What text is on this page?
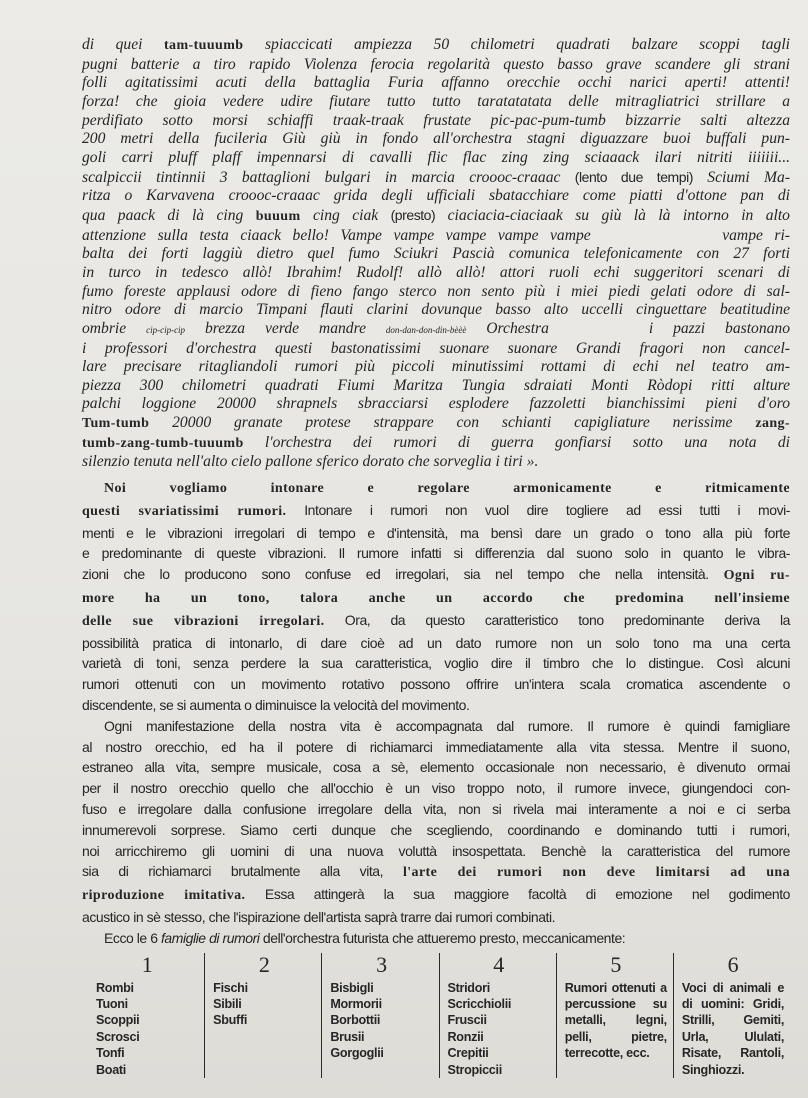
di quei tam-tuuumb spiaccicati ampiezza 50 chilometri quadrati balzare scoppi tagli
pugni batterie a tiro rapido Violenza ferocia regolarità questo basso grave scandere gli strani
folli agitatissimi acuti della battaglia Furia affanno orecchie occhi narici aperti! attenti!
forza! che gioia vedere udire fiutare tutto tutto taratatatata delle mitragliatrici strillare a
perdifiato sotto morsi schiaffi traak-traak frustate pic-pac-pum-tumb bizzarrie salti altezza
200 metri della fucileria Giù giù in fondo all'orchestra stagni diguazzare buoi buffali pun-
goli carri pluff plaff impennarsi di cavalli flic flac zing zing sciaaack ilari nitriti iiiiiii...
scalpiccii tintinnii 3 battaglioni bulgari in marcia croooc-craaac (lento due tempi) Sciumi Ma-
ritza o Karvavena croooc-craaac grida degli ufficiali sbatacchiare come piatti d'ottone pan di
qua paack di là cing buuum cing ciak (presto) ciaciacia-ciaciaak su giù là là intorno in alto
attenzione sulla testa ciaack bello! Vampe vampe vampe vampe vampe	vampe ri-
balta dei forti laggiù dietro quel fumo Sciukri Pascià comunica telefonicamente con 27 forti
in turco in tedesco allò! Ibrahim! Rudolf! allò allò! attori ruoli echi suggeritori scenari di
fumo foreste applausi odore di fieno fango sterco non sento più i miei piedi gelati odore di sal-
nitro odore di marcio Timpani flauti clarini dovunque basso alto uccelli cinguettare beatitudine
ombrie cip-cip-cip brezza verde mandre don-dan-don-din-bèèè Orchestra	i pazzi bastonano
i professori d'orchestra questi bastonatissimi suonare suonare Grandi fragori non cancel-
lare precisare ritagliandoli rumori più piccoli minutissimi rottami di echi nel teatro am-
piezza 300 chilometri quadrati Fiumi Maritza Tungia sdraiati Monti Ròdopi ritti alture
palchi loggione 20000 shrapnels sbracciarsi esplodere fazzoletti bianchissimi pieni d'oro
Tum-tumb 20000 granate protese strappare con schianti capigliature nerissime zang-
tumb-zang-tumb-tuuumb l'orchestra dei rumori di guerra gonfiarsi sotto una nota di
silenzio tenuta nell'alto cielo pallone sferico dorato che sorveglia i tiri ».
Noi vogliamo intonare e regolare armonicamente e ritmicamente
questi svariatissimi rumori. Intonare i rumori non vuol dire togliere ad essi tutti i movi-
menti e le vibrazioni irregolari di tempo e d'intensità, ma bensì dare un grado o tono alla più forte
e predominante di queste vibrazioni. Il rumore infatti si differenzia dal suono solo in quanto le vibra-
zioni che lo producono sono confuse ed irregolari, sia nel tempo che nella intensità. Ogni ru-
more ha un tono, talora anche un accordo che predomina nell'insieme
delle sue vibrazioni irregolari. Ora, da questo caratteristico tono predominante deriva la
possibilità pratica di intonarlo, di dare cioè ad un dato rumore non un solo tono ma una certa
varietà di toni, senza perdere la sua caratteristica, voglio dire il timbro che lo distingue. Così alcuni
rumori ottenuti con un movimento rotativo possono offrire un'intera scala cromatica ascendente o
discendente, se si aumenta o diminuisce la velocità del movimento.
Ogni manifestazione della nostra vita è accompagnata dal rumore. Il rumore è quindi famigliare
al nostro orecchio, ed ha il potere di richiamarci immediatamente alla vita stessa. Mentre il suono,
estraneo alla vita, sempre musicale, cosa a sè, elemento occasionale non necessario, è divenuto ormai
per il nostro orecchio quello che all'occhio è un viso troppo noto, il rumore invece, giungendoci con-
fuso e irregolare dalla confusione irregolare della vita, non si rivela mai interamente a noi e ci serba
innumerevoli sorprese. Siamo certi dunque che scegliendo, coordinando e dominando tutti i rumori,
noi arricchiremo gli uomini di una nuova voluttà insospettata. Benchè la caratteristica del rumore
sia di richiamarci brutalmente alla vita, l'arte dei rumori non deve limitarsi ad una
riproduzione imitativa. Essa attingerà la sua maggiore facoltà di emozione nel godimento
acustico in sè stesso, che l'ispirazione dell'artista saprà trarre dai rumori combinati.
Ecco le 6 famiglie di rumori dell'orchestra futurista che attueremo presto, meccanicamente:
1
Rombi
Tuoni
Scoppii
Scrosci
Tonfi
Boati
2
Fischi
Sibili
Sbuffi
3
Bisbigli
Mormorii
Borbottii
Brusii
Gorgoglii
4
Stridori
Scricchiolii
Fruscii
Ronzii
Crepitii
Stropiccii
5
Rumori ottenuti a percussione su metalli, legni, pelli, pietre, terrecotte, ecc.
6
Voci di animali e di uomini: Gridi, Strilli, Gemiti, Urla, Ululati, Risate, Rantoli, Singhiozzi.
